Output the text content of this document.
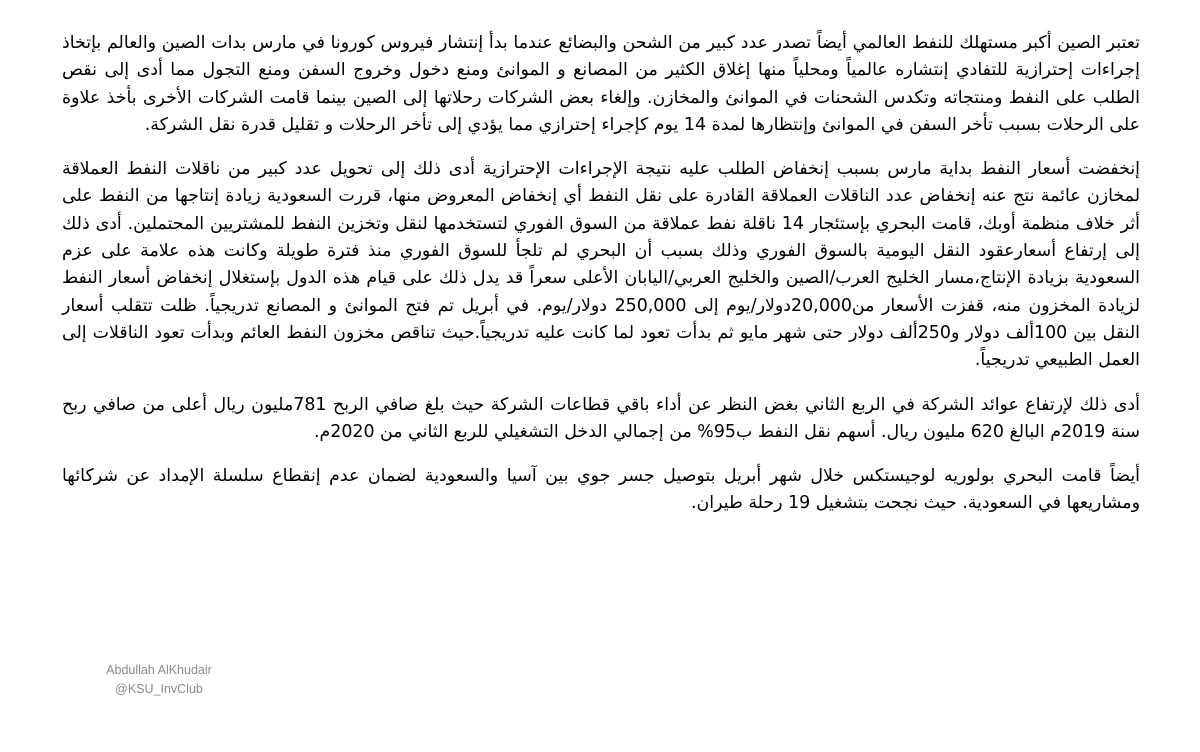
تعتبر الصين أكبر مستهلك للنفط العالمي أيضاً تصدر عدد كبير من الشحن والبضائع عندما بدأ إنتشار فيروس كورونا في مارس بدات الصين والعالم بإتخاذ إجراءات إحترازية للتفادي إنتشاره عالمياً ومحلياً منها إغلاق الكثير من المصانع و الموانئ ومنع دخول وخروج السفن ومنع التجول مما أدى إلى نقص الطلب على النفط ومنتجاته وتكدس الشحنات في الموانئ والمخازن. وإلغاء بعض الشركات رحلاتها إلى الصين بينما قامت الشركات الأخرى بأخذ علاوة على الرحلات بسبب تأخر السفن في الموانئ وإنتظارها لمدة 14 يوم كإجراء إحترازي مما يؤدي إلى تأخر الرحلات و تقليل قدرة نقل الشركة.

إنخفضت أسعار النفط بداية مارس بسبب إنخفاض الطلب عليه نتيجة الإجراءات الإحترازية أدى ذلك إلى تحويل عدد كبير من ناقلات النفط العملاقة لمخازن عائمة نتج عنه إنخفاض عدد الناقلات العملاقة القادرة على نقل النفط أي إنخفاض المعروض منها، قررت السعودية زيادة إنتاجها من النفط على أثر خلاف منظمة أوبك، قامت البحري بإستئجار 14 ناقلة نفط عملاقة من السوق الفوري لتستخدمها لنقل وتخزين النفط للمشتريين المحتملين. أدى ذلك إلى إرتفاع أسعارعقود النقل اليومية بالسوق الفوري وذلك بسبب أن البحري لم تلجأ للسوق الفوري منذ فترة طويلة وكانت هذه علامة على عزم السعودية بزيادة الإنتاج،مسار الخليج العرب/الصين والخليج العربي/اليابان الأعلى سعراً قد يدل ذلك على قيام هذه الدول بإستغلال إنخفاض أسعار النفط لزيادة المخزون منه، قفزت الأسعار من20,000دولار/يوم إلى 250,000 دولار/يوم. في أبريل تم فتح الموانئ و المصانع تدريجياً. ظلت تتقلب أسعار النقل بين 100ألف دولار و250ألف دولار حتى شهر مايو ثم بدأت تعود لما كانت عليه تدريجياً.حيث تناقص مخزون النفط العائم وبدأت تعود الناقلات إلى العمل الطبيعي تدريجياً.

أدى ذلك لإرتفاع عوائد الشركة في الربع الثاني بغض النظر عن أداء باقي قطاعات الشركة حيث بلغ صافي الربح 781مليون ريال أعلى من صافي ربح سنة 2019م البالغ 620 مليون ريال. أسهم نقل النفط ب95% من إجمالي الدخل التشغيلي للربع الثاني من 2020م.

أيضاً قامت البحري بولوريه لوجيستكس خلال شهر أبريل بتوصيل جسر جوي بين آسيا والسعودية لضمان عدم إنقطاع سلسلة الإمداد عن شركائها ومشاريعها في السعودية. حيث نجحت بتشغيل 19 رحلة طيران.

Abdullah AlKhudair
@KSU_InvClub
